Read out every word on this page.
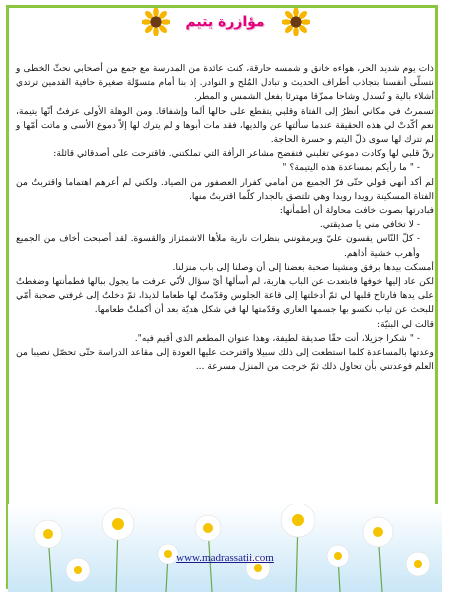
مؤازرة يتيم

ذات يوم شديد الحر، هواءه خانق و شمسه حارقة، كنت عائدة من المدرسة مع جمع من أصحابي نحثّ الخطى و نتسلّى أنفسنا بتجاذب أطراف الحديث و تبادل المُلح و النوادر. إذ بنا أمام متسوّلة صغيرة حافية القدمين ترتدي أشلاء بالية و تُسدل وشاحا ممزّقا مهترئا بفعل الشمس و المطر.

تسمرتُ في مكاني أنظرُ إلى الفتاة وقلبي يتقطع على حالها ألما وإشفاقا. ومن الوهلة الأولى عرفتُ أنّها يتيمة، نعم أكّدتْ لي هذه الحقيقة عندما سألتها عن والديها، فقد مات أبوها و لم يترك لها إلاّ دموع الأسى و ماتت أمّها و لم تترك لها سوى ذلّ اليتم و حسرة الحاجة.

رقّ قلبي لها وكادت دموعي تغلبني فتفضح مشاعر الرأفة التي تملكتني. فاقترحت على أصدقائي قائلة:

- " ما رأيكم بمساعدة هذه اليتيمة؟ "

لم أكد أنهي قولي حتّى فرّ الجميع من أمامي كفرار العصفور من الصياد. ولكني لم أعرهم اهتماما واقتربتُ من الفتاة المسكينة رويدا رويدا وهي تلتصق بالجدار كلّما اقتربتُ منها.

فبادرتها بصوت خافت محاولة أن أطمأنها:

- لا تخافي مني يا صديقتي.

- كلّ النّاس يقسون عليّ ويرمقونني بنظرات نارية ملأها الاشمئزاز والقسوة. لقد أصبحت أخاف من الجميع وأهرب خشية أذاهم.

أمسكت بيدها برفق ومشينا صحبة بعضنا إلى أن وصلنا إلى باب منزلنا.

لكن عاد إليها خوفها فابتعدت عن الباب هاربة، لم أسألها أيّ سؤال لأنّي عرفت ما يجول ببالها فطمأنتها وضغطتُ على يدها فارتاح قلبها لي ثمّ أدخلتها إلى قاعة الجلوس وقدّمتُ لها طعاما لذيذا، ثمّ دخلتُ إلى غرفتي صحبة أمّي للبحث عن ثياب نكسو بها جسمها العاري وقدّمتها لها في شكل هديّة بعد أن أكملتْ طعامها.

قالت لي البنيّة:

- " شكرا جزيلا، أنت حقّا صديقة لطيفة، وهذا عنوان المطعم الذي أقيم فيه".

وعدتها بالمساعدة كلما استطعت إلى ذلك سبيلا واقترحت عليها العودة إلى مقاعد الدراسة حتّى تحصّل نصيبا من العلم فوعدتني بأن تحاول ذلك ثمّ خرجت من المنزل مسرعة ...

www.madrassatii.com
